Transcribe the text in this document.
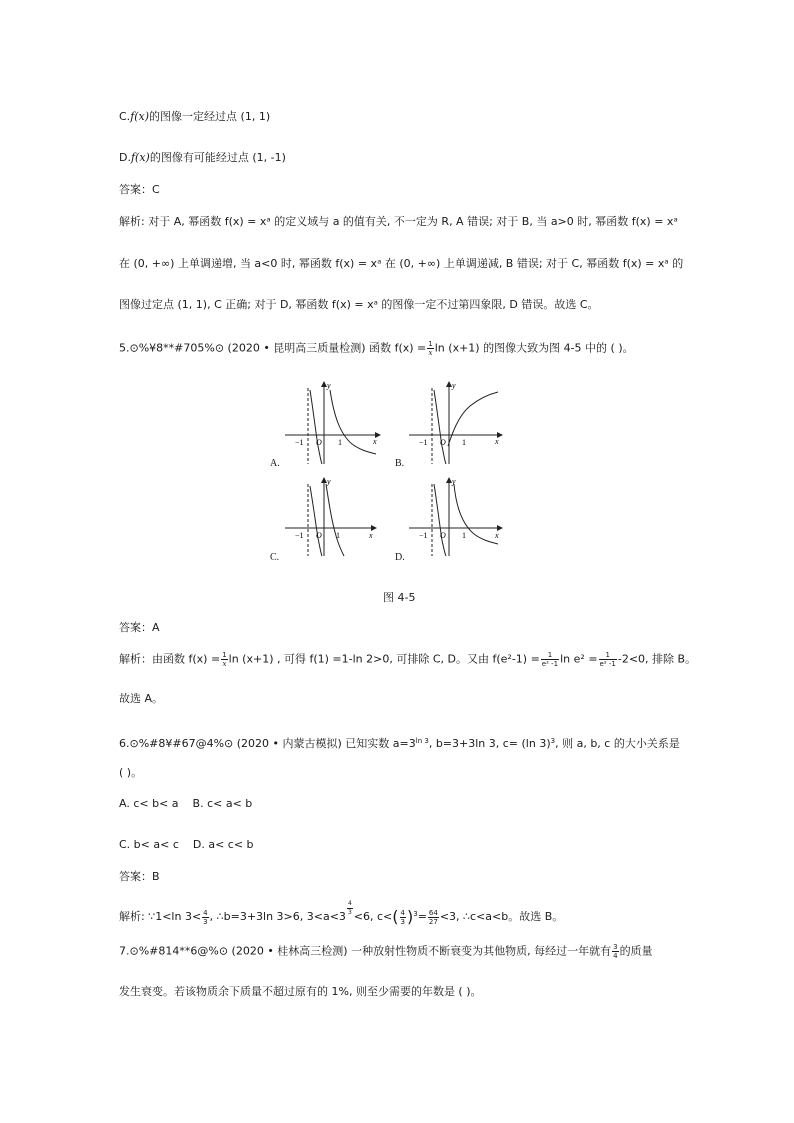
C.f(x)的图像一定经过点 (1, 1)
D.f(x)的图像有可能经过点 (1, -1)
答案：C
解析: 对于 A, 幂函数 f(x) = xᵃ 的定义域与 a 的值有关, 不一定为 R, A 错误; 对于 B, 当 a>0 时, 幂函数 f(x) = xᵃ
在 (0, +∞) 上单调递增, 当 a<0 时, 幂函数 f(x) = xᵃ 在 (0, +∞) 上单调递减, B 错误; 对于 C, 幂函数 f(x) = xᵃ 的
图像过定点 (1, 1), C 正确; 对于 D, 幂函数 f(x) = xᵃ 的图像一定不过第四象限, D 错误。故选 C。
5.⊙%¥8**#705%⊙ (2020 • 昆明高三质量检测) 函数 $f(x) = \frac{1}{x}$ ln (x+1) 的图像大致为图 4-5 中的 ( )。
y
x
O
−1	1
y
x
O
−1	1
y
x
O
−1	1
y
x
O
−1	1
A.	B.
C.	D.
图 4-5
答案：A
解析：由函数 $f(x) = \frac{1}{x}$ ln (x+1) , 可得 f(1) =1-ln 2>0, 可排除 C, D。又由 $f(e^2-1) = \frac{1}{\text{e² -1}}$ $\ln e^2 = \frac{1}{\text{e² -1}} -2<0$, 排除 B。
故选 A。
6.⊙%#8¥#67@4%⊙ (2020 • 内蒙古模拟) 已知实数 $a=3^{ln 3}$, b=3+3ln 3, c= (ln 3)$^3$, 则 a, b, c 的大小关系是
( )。
A. c< b< a B. c< a< b
C. b< a< c D. a< c< b
答案：B
解析: ∵1<ln $3< \frac{4}{3}$ , ∴b=3+3ln 3>6, $3<a<3 \frac{4}{3} <6$, $c<( \frac{4}{3} )^3= \frac{64}{27} <3$, ∴c<a<b。故选 B。
7.⊙%#814**6@%⊙ (2020 • 桂林高三检测) 一种放射性物质不断衰变为其他物质, 每经过一年就有 $\frac{3}{4}$ 的质量
发生衰变。若该物质余下质量不超过原有的 1%, 则至少需要的年数是 ( )。
